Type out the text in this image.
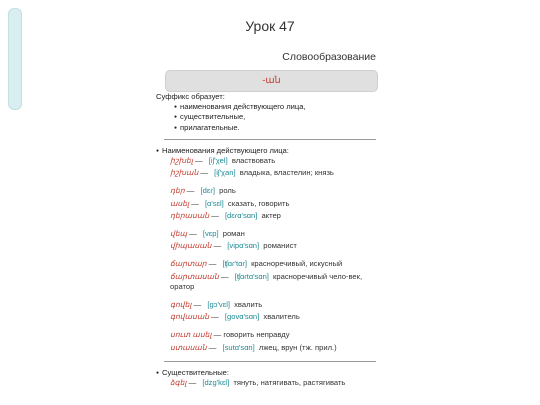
Урок 47
Словообразование
-ան

Суффикс образует:

● наименования действующего лица,
● существительные,
● прилагательные.

● Наименования действующего лица:

իշխել — [iʃ'χel] властвовать
իշխան — [iʃ'χan] владыка, властелин; князь
դեր — [dɛɾ] роль
ասել — [ɑ'sɛl] сказать, говорить
դերասան — [dɛɾɑ'sɑn] актер
վեպ — [vɛp] роман
վիպասան — [vipɑ'sɑn] романист
ճարտար — [ʧɑɾ'tɑɾ] красноречивый, искусный
ճարտասան — [ʧɑɾtɑ'sɑn] красноречивый чело-век, оратор
գովել — [gɔ'vɛl] хвалить
գովասան — [govɑ'sɑn] хвалитель
սուտ ասել — говорить неправду
ստասան — [sutɑ'sɑn] лжец, врун (тж. прил.)

● Существительные:

ձգել — [dzɡ'kɛl] тянуть, натягивать, растягивать
